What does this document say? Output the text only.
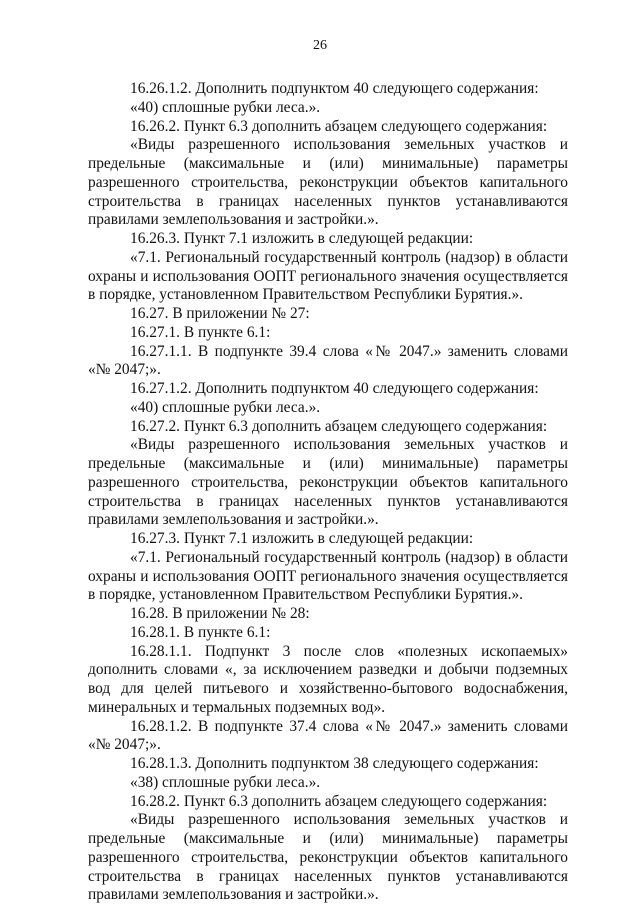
26

16.26.1.2. Дополнить подпунктом 40 следующего содержания:

«40) сплошные рубки леса.».

16.26.2. Пункт 6.3 дополнить абзацем следующего содержания:

«Виды разрешенного использования земельных участков и предельные (максимальные и (или) минимальные) параметры разрешенного строительства, реконструкции объектов капитального строительства в границах населенных пунктов устанавливаются правилами землепользования и застройки.».

16.26.3. Пункт 7.1 изложить в следующей редакции:

«7.1. Региональный государственный контроль (надзор) в области охраны и использования ООПТ регионального значения осуществляется в порядке, установленном Правительством Республики Бурятия.».

16.27. В приложении № 27:

16.27.1. В пункте 6.1:

16.27.1.1. В подпункте 39.4 слова «№ 2047.» заменить словами «№ 2047;».

16.27.1.2. Дополнить подпунктом 40 следующего содержания:

«40) сплошные рубки леса.».

16.27.2. Пункт 6.3 дополнить абзацем следующего содержания:

«Виды разрешенного использования земельных участков и предельные (максимальные и (или) минимальные) параметры разрешенного строительства, реконструкции объектов капитального строительства в границах населенных пунктов устанавливаются правилами землепользования и застройки.».

16.27.3. Пункт 7.1 изложить в следующей редакции:

«7.1. Региональный государственный контроль (надзор) в области охраны и использования ООПТ регионального значения осуществляется в порядке, установленном Правительством Республики Бурятия.».

16.28. В приложении № 28:

16.28.1. В пункте 6.1:

16.28.1.1. Подпункт 3 после слов «полезных ископаемых» дополнить словами «, за исключением разведки и добычи подземных вод для целей питьевого и хозяйственно-бытового водоснабжения, минеральных и термальных подземных вод».

16.28.1.2. В подпункте 37.4 слова «№ 2047.» заменить словами «№ 2047;».

16.28.1.3. Дополнить подпунктом 38 следующего содержания:

«38) сплошные рубки леса.».

16.28.2. Пункт 6.3 дополнить абзацем следующего содержания:

«Виды разрешенного использования земельных участков и предельные (максимальные и (или) минимальные) параметры разрешенного строительства, реконструкции объектов капитального строительства в границах населенных пунктов устанавливаются правилами землепользования и застройки.».
